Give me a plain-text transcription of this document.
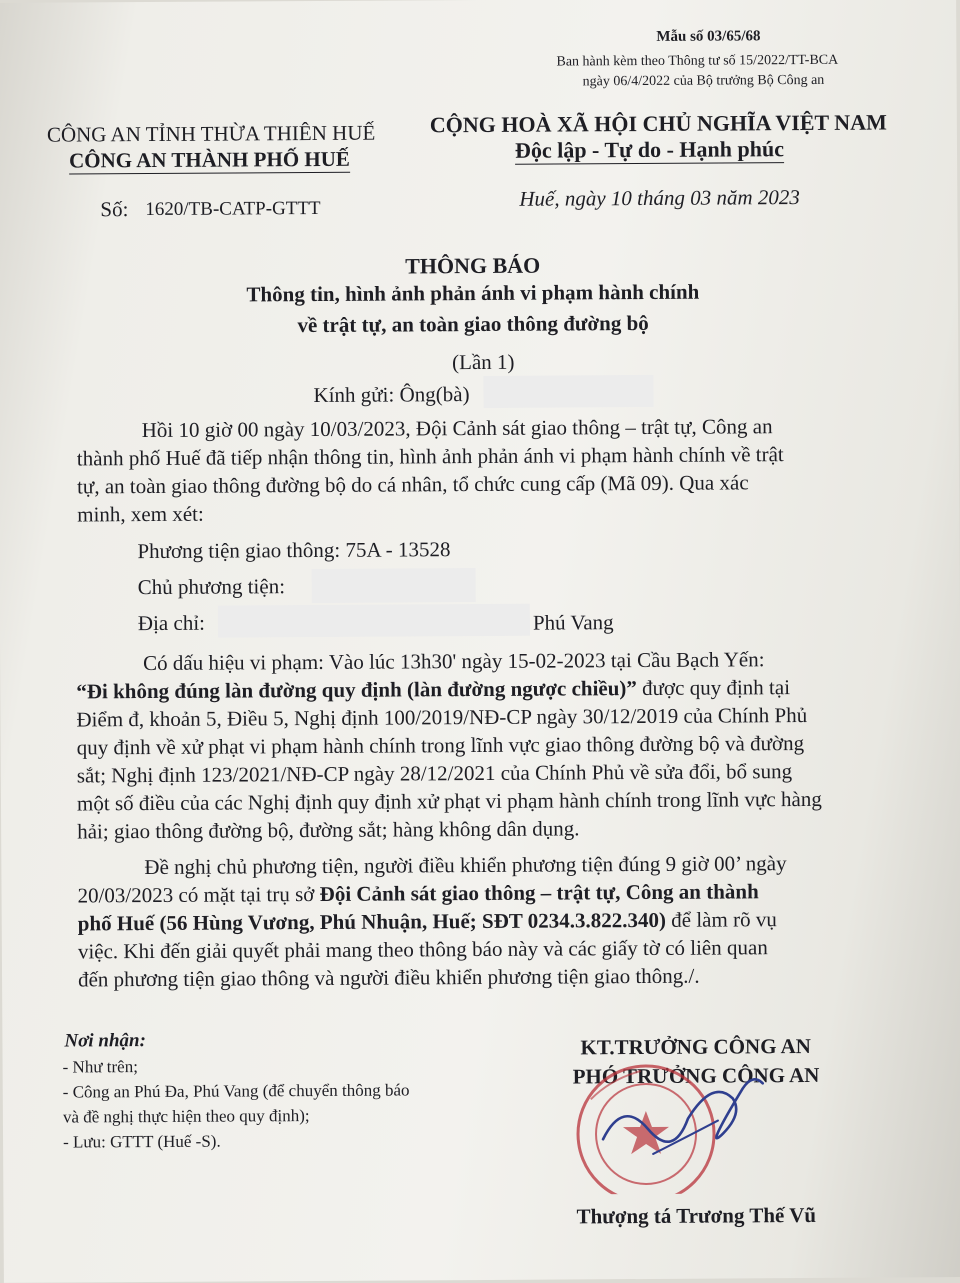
Mẫu số 03/65/68
Ban hành kèm theo Thông tư số 15/2022/TT-BCA
ngày 06/4/2022 của Bộ trưởng Bộ Công an
CÔNG AN TỈNH THỪA THIÊN HUẾ
CÔNG AN THÀNH PHỐ HUẾ
Số: 1620/TB-CATP-GTTT
CỘNG HOÀ XÃ HỘI CHỦ NGHĨA VIỆT NAM
Độc lập - Tự do - Hạnh phúc
Huế, ngày 10 tháng 03 năm 2023
THÔNG BÁO
Thông tin, hình ảnh phản ánh vi phạm hành chính
về trật tự, an toàn giao thông đường bộ
(Lần 1)
Kính gửi: Ông(bà)
Hồi 10 giờ 00 ngày 10/03/2023, Đội Cảnh sát giao thông – trật tự, Công an
thành phố Huế đã tiếp nhận thông tin, hình ảnh phản ánh vi phạm hành chính về trật
tự, an toàn giao thông đường bộ do cá nhân, tổ chức cung cấp (Mã 09). Qua xác
minh, xem xét:
Phương tiện giao thông: 75A - 13528
Chủ phương tiện:
Địa chỉ:	Phú Vang
Có dấu hiệu vi phạm: Vào lúc 13h30' ngày 15-02-2023 tại Cầu Bạch Yến:
“Đi không đúng làn đường quy định (làn đường ngược chiều)” được quy định tại
Điểm đ, khoản 5, Điều 5, Nghị định 100/2019/NĐ-CP ngày 30/12/2019 của Chính Phủ
quy định về xử phạt vi phạm hành chính trong lĩnh vực giao thông đường bộ và đường
sắt; Nghị định 123/2021/NĐ-CP ngày 28/12/2021 của Chính Phủ về sửa đổi, bổ sung
một số điều của các Nghị định quy định xử phạt vi phạm hành chính trong lĩnh vực hàng
hải; giao thông đường bộ, đường sắt; hàng không dân dụng.
Đề nghị chủ phương tiện, người điều khiển phương tiện đúng 9 giờ 00’ ngày
20/03/2023 có mặt tại trụ sở Đội Cảnh sát giao thông – trật tự, Công an thành
phố Huế (56 Hùng Vương, Phú Nhuận, Huế; SĐT 0234.3.822.340) để làm rõ vụ
việc. Khi đến giải quyết phải mang theo thông báo này và các giấy tờ có liên quan
đến phương tiện giao thông và người điều khiển phương tiện giao thông./.
Nơi nhận:
- Như trên;
- Công an Phú Đa, Phú Vang (để chuyển thông báo
và đề nghị thực hiện theo quy định);
- Lưu: GTTT (Huế -S).
KT.TRƯỞNG CÔNG AN
PHÓ TRƯỞNG CÔNG AN
Thượng tá Trương Thế Vũ
